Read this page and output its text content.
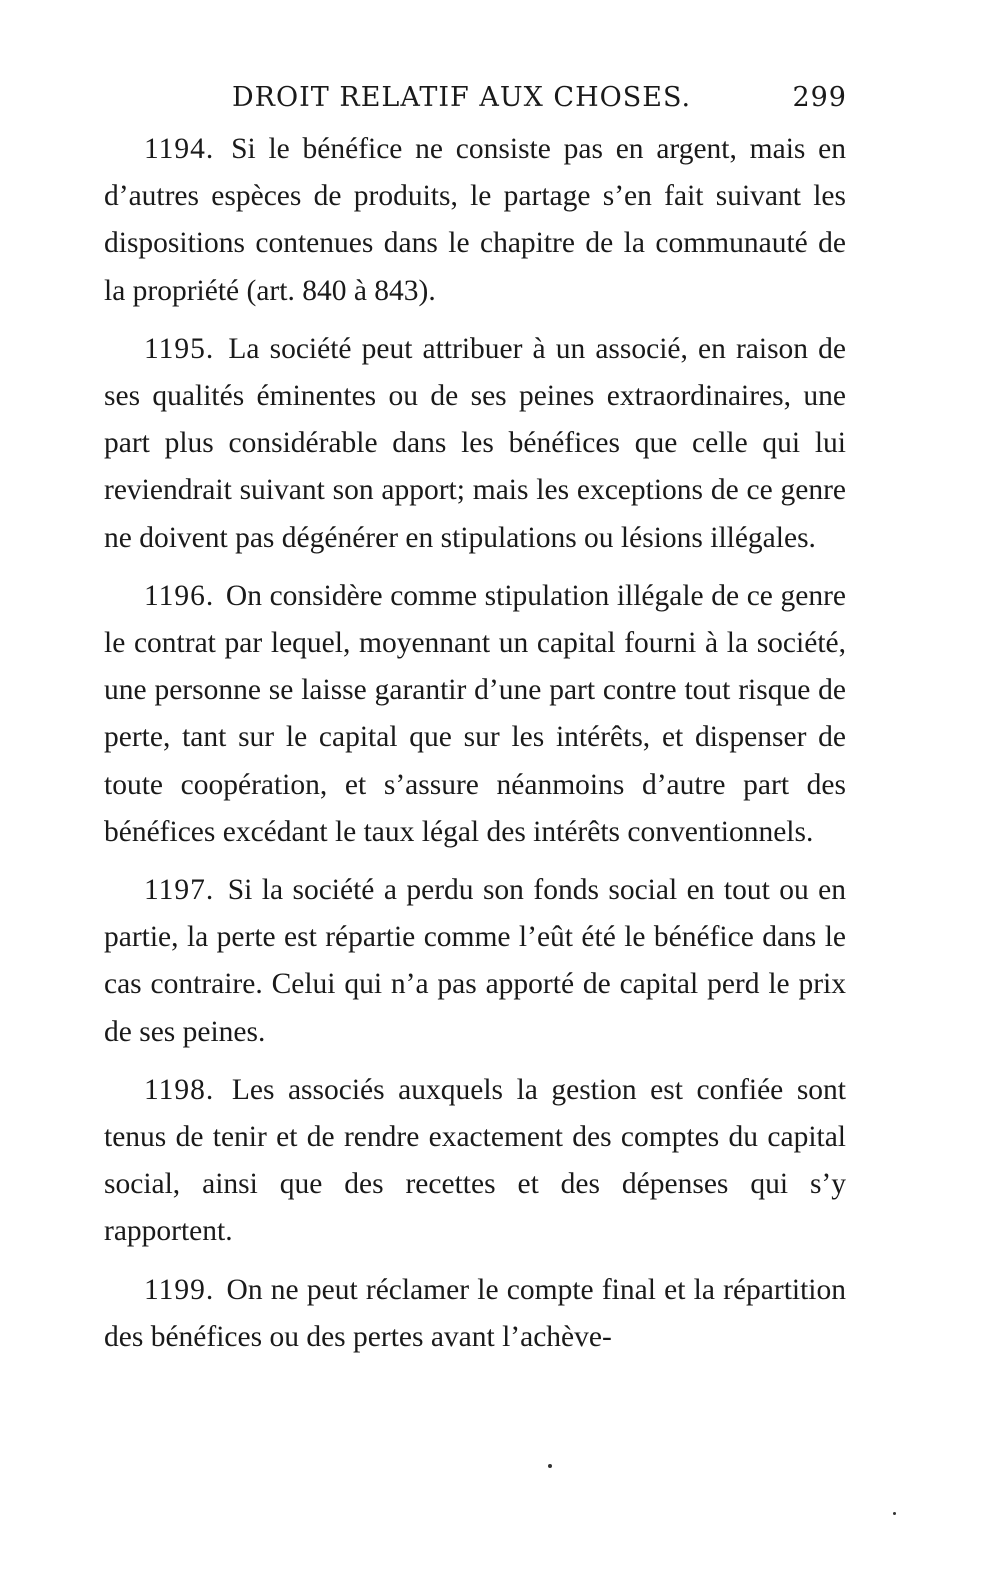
DROIT RELATIF AUX CHOSES.	299

1194. Si le bénéfice ne consiste pas en argent, mais en d’autres espèces de produits, le partage s’en fait suivant les dispositions contenues dans le chapitre de la communauté de la propriété (art. 840 à 843).

1195. La société peut attribuer à un associé, en raison de ses qualités éminentes ou de ses peines extraordinaires, une part plus considérable dans les bénéfices que celle qui lui reviendrait suivant son apport; mais les exceptions de ce genre ne doivent pas dégénérer en stipulations ou lésions illégales.

1196. On considère comme stipulation illégale de ce genre le contrat par lequel, moyennant un capital fourni à la société, une personne se laisse garantir d’une part contre tout risque de perte, tant sur le capital que sur les intérêts, et dispenser de toute coopération, et s’assure néanmoins d’autre part des bénéfices excédant le taux légal des intérêts conventionnels.

1197. Si la société a perdu son fonds social en tout ou en partie, la perte est répartie comme l’eût été le bénéfice dans le cas contraire. Celui qui n’a pas apporté de capital perd le prix de ses peines.

1198. Les associés auxquels la gestion est confiée sont tenus de tenir et de rendre exactement des comptes du capital social, ainsi que des recettes et des dépenses qui s’y rapportent.

1199. On ne peut réclamer le compte final et la répartition des bénéfices ou des pertes avant l’achève-
